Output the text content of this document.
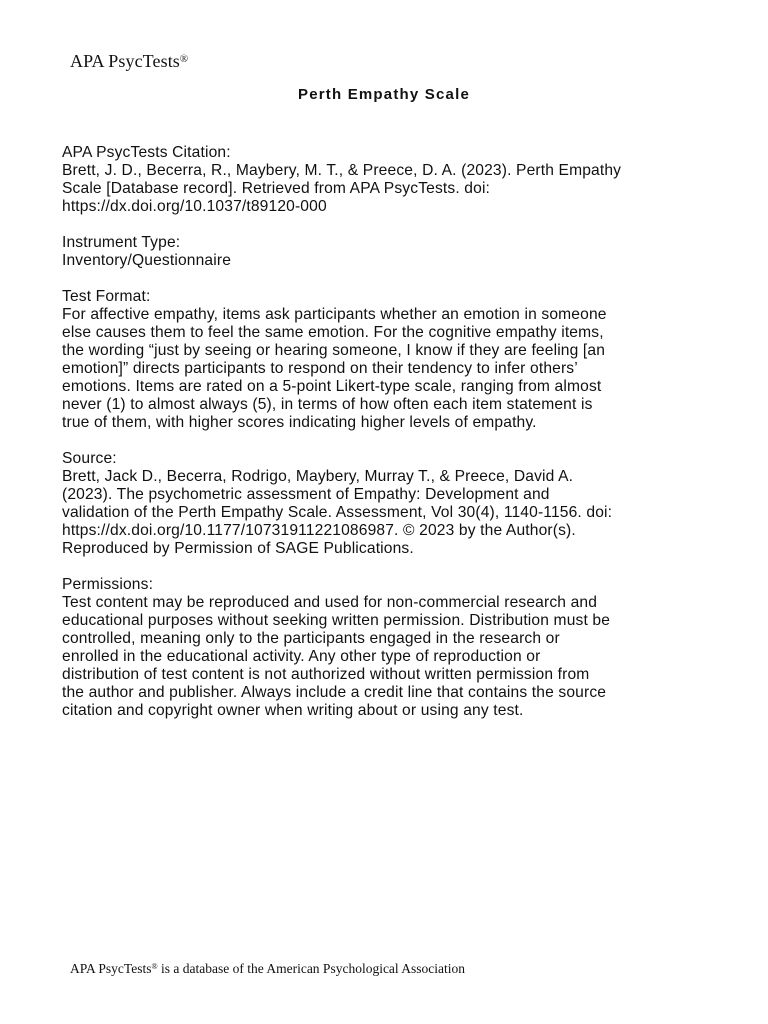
APA PsycTests®
Perth Empathy Scale
APA PsycTests Citation:
Brett, J. D., Becerra, R., Maybery, M. T., & Preece, D. A. (2023). Perth Empathy
Scale [Database record]. Retrieved from APA PsycTests. doi:
https://dx.doi.org/10.1037/t89120-000
Instrument Type:
Inventory/Questionnaire
Test Format:
For affective empathy, items ask participants whether an emotion in someone
else causes them to feel the same emotion. For the cognitive empathy items,
the wording “just by seeing or hearing someone, I know if they are feeling [an
emotion]” directs participants to respond on their tendency to infer others’
emotions. Items are rated on a 5-point Likert-type scale, ranging from almost
never (1) to almost always (5), in terms of how often each item statement is
true of them, with higher scores indicating higher levels of empathy.
Source:
Brett, Jack D., Becerra, Rodrigo, Maybery, Murray T., & Preece, David A.
(2023). The psychometric assessment of Empathy: Development and
validation of the Perth Empathy Scale. Assessment, Vol 30(4), 1140-1156. doi:
https://dx.doi.org/10.1177/10731911221086987. © 2023 by the Author(s).
Reproduced by Permission of SAGE Publications.
Permissions:
Test content may be reproduced and used for non-commercial research and
educational purposes without seeking written permission. Distribution must be
controlled, meaning only to the participants engaged in the research or
enrolled in the educational activity. Any other type of reproduction or
distribution of test content is not authorized without written permission from
the author and publisher. Always include a credit line that contains the source
citation and copyright owner when writing about or using any test.
APA PsycTests® is a database of the American Psychological Association
